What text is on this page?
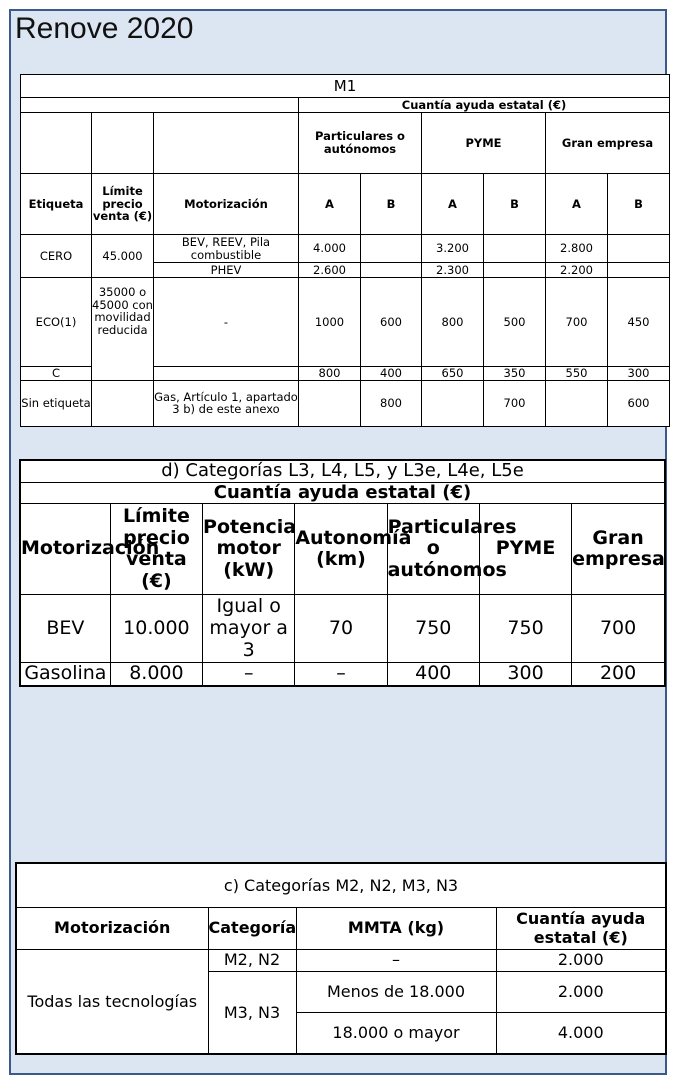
Renove 2020
M1								
			Cuantía ayuda estatal (€)					
			Particulares o autónomos		PYME		Gran empresa	
Etiqueta	Límite precio venta (€)	Motorización	A	B	A	B	A	B
CERO	45.000	BEV, REEV, Pila combustible	4.000		3.200		2.800	
		PHEV	2.600		2.300		2.200	
ECO(1)	35000 o 45000 con movilidad reducida	-	1000	600	800	500	700	450
C			800	400	650	350	550	300
Sin etiqueta		Gas, Artículo 1, apartado 3 b) de este anexo		800		700		600
d) Categorías L3, L4, L5, y L3e, L4e, L5e						
Cuantía ayuda estatal (€)						
Motorización	Límite precio venta (€)	Potencia motor (kW)	Autonomía (km)	Particulares o autónomos	PYME	Gran empresa
BEV	10.000	Igual o mayor a 3	70	750	750	700
Gasolina	8.000	–	–	400	300	200
c) Categorías M2, N2, M3, N3			
Motorización	Categoría	MMTA (kg)	Cuantía ayuda estatal (€)
Todas las tecnologías	M2, N2	–	2.000
	M3, N3	Menos de 18.000	2.000
		18.000 o mayor	4.000
